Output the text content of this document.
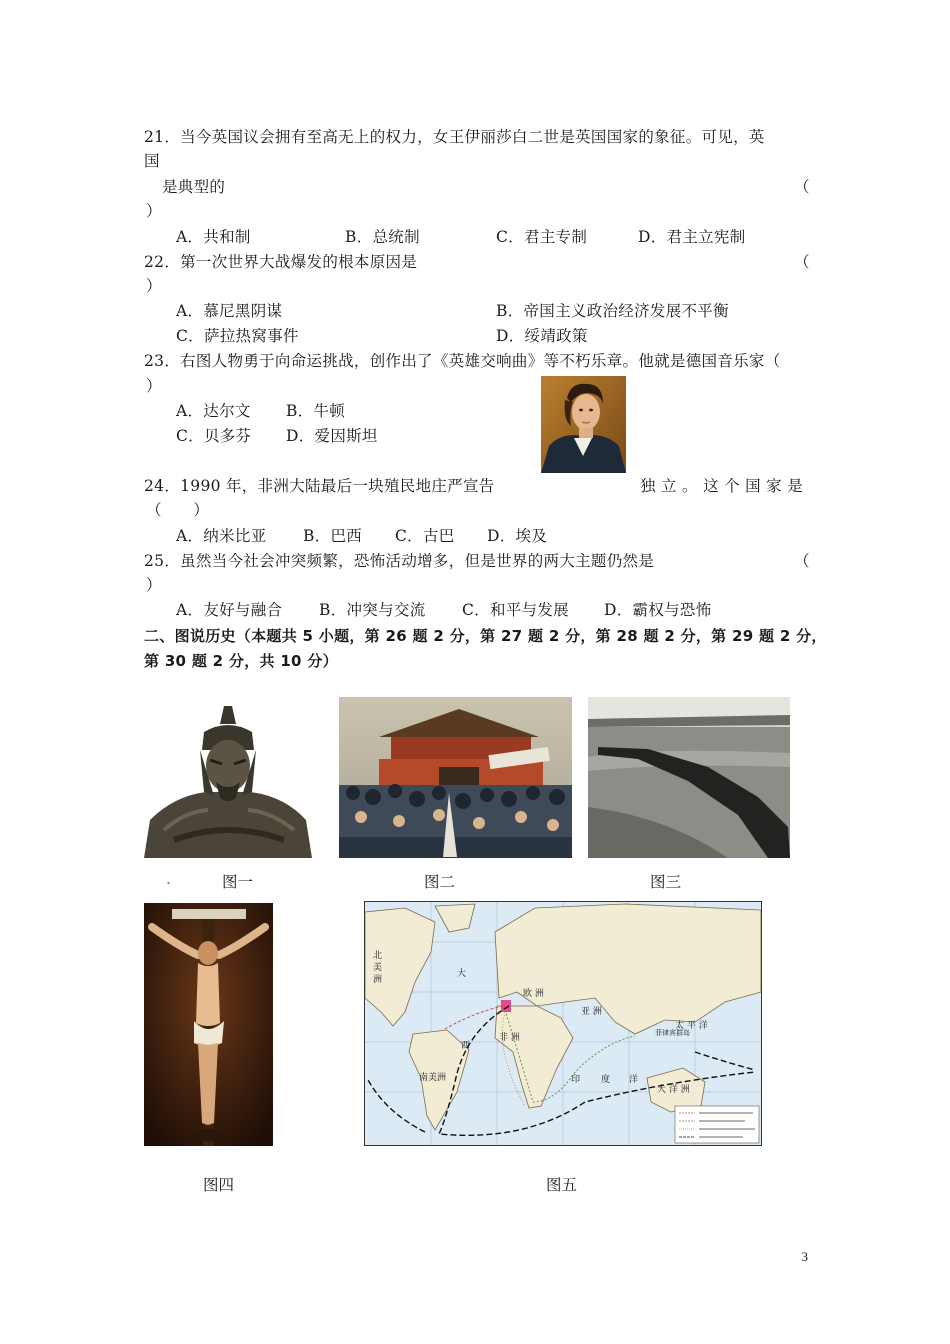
21．当今英国议会拥有至高无上的权力，女王伊丽莎白二世是英国国家的象征。可见，英
国
是典型的	（
）
A．共和制	B．总统制	C．君主专制	D．君主立宪制
22．第一次世界大战爆发的根本原因是	（
）
A．慕尼黑阴谋	B．帝国主义政治经济发展不平衡
C．萨拉热窝事件	D．绥靖政策
23．右图人物勇于向命运挑战，创作出了《英雄交响曲》等不朽乐章。他就是德国音乐家（
）
A．达尔文 B．牛顿
C．贝多芬 D．爱因斯坦
24．1990 年，非洲大陆最后一块殖民地庄严宣告	独 立 。 这 个 国 家 是
（　　）
A．纳米比亚 B．巴西 C．古巴 D．埃及
25．虽然当今社会冲突频繁，恐怖活动增多，但是世界的两大主题仍然是	（
）
A．友好与融合 B．冲突与交流 C．和平与发展 D．霸权与恐怖
二、图说历史（本题共 5 小题，第 26 题 2 分，第 27 题 2 分，第 28 题 2 分，第 29 题 2 分，
第 30 题 2 分，共 10 分）
.	图一	图二	图三
北美洲
南美洲
欧 洲
亚 洲
非 洲
大 洋 洲
太 平 洋
大
西
印 度 洋
菲律宾群岛
图四	图五
3
